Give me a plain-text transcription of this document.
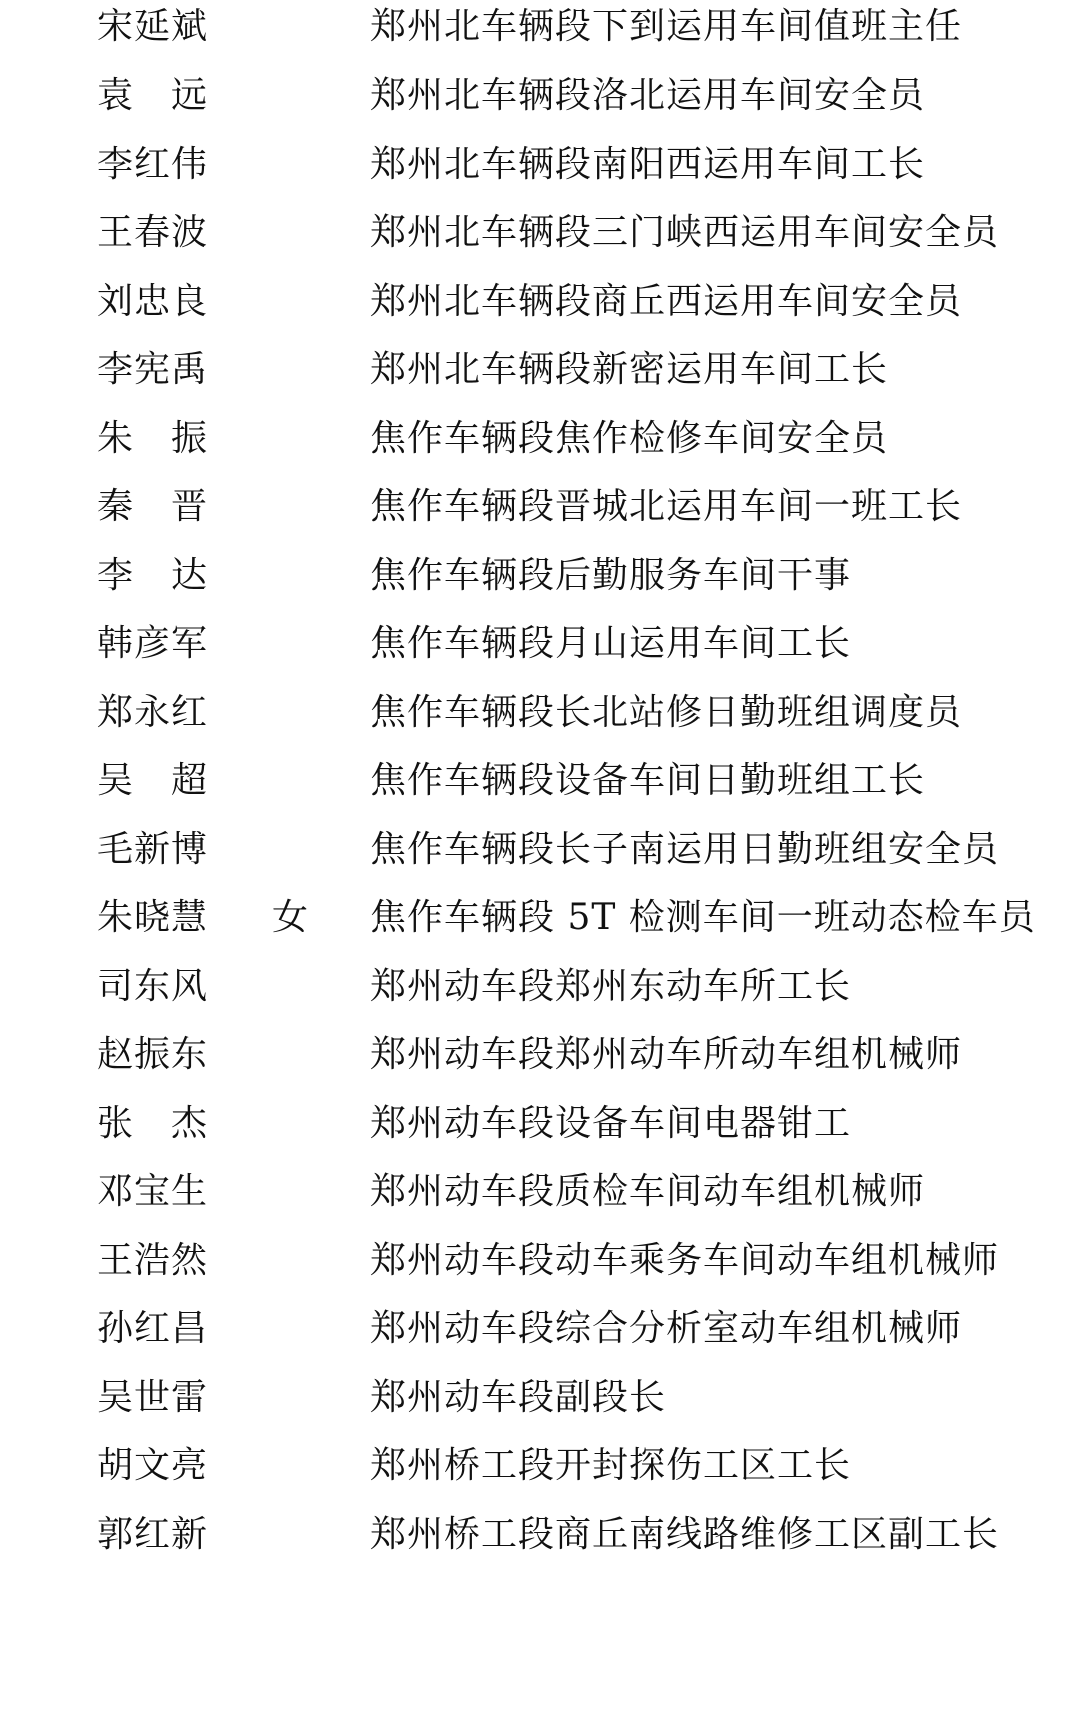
宋延斌	郑州北车辆段下到运用车间值班主任
袁远	郑州北车辆段洛北运用车间安全员
李红伟	郑州北车辆段南阳西运用车间工长
王春波	郑州北车辆段三门峡西运用车间安全员
刘忠良	郑州北车辆段商丘西运用车间安全员
李宪禹	郑州北车辆段新密运用车间工长
朱振	焦作车辆段焦作检修车间安全员
秦晋	焦作车辆段晋城北运用车间一班工长
李达	焦作车辆段后勤服务车间干事
韩彦军	焦作车辆段月山运用车间工长
郑永红	焦作车辆段长北站修日勤班组调度员
吴超	焦作车辆段设备车间日勤班组工长
毛新博	焦作车辆段长子南运用日勤班组安全员
朱晓慧	女	焦作车辆段 5T 检测车间一班动态检车员
司东风	郑州动车段郑州东动车所工长
赵振东	郑州动车段郑州动车所动车组机械师
张杰	郑州动车段设备车间电器钳工
邓宝生	郑州动车段质检车间动车组机械师
王浩然	郑州动车段动车乘务车间动车组机械师
孙红昌	郑州动车段综合分析室动车组机械师
吴世雷	郑州动车段副段长
胡文亮	郑州桥工段开封探伤工区工长
郭红新	郑州桥工段商丘南线路维修工区副工长
